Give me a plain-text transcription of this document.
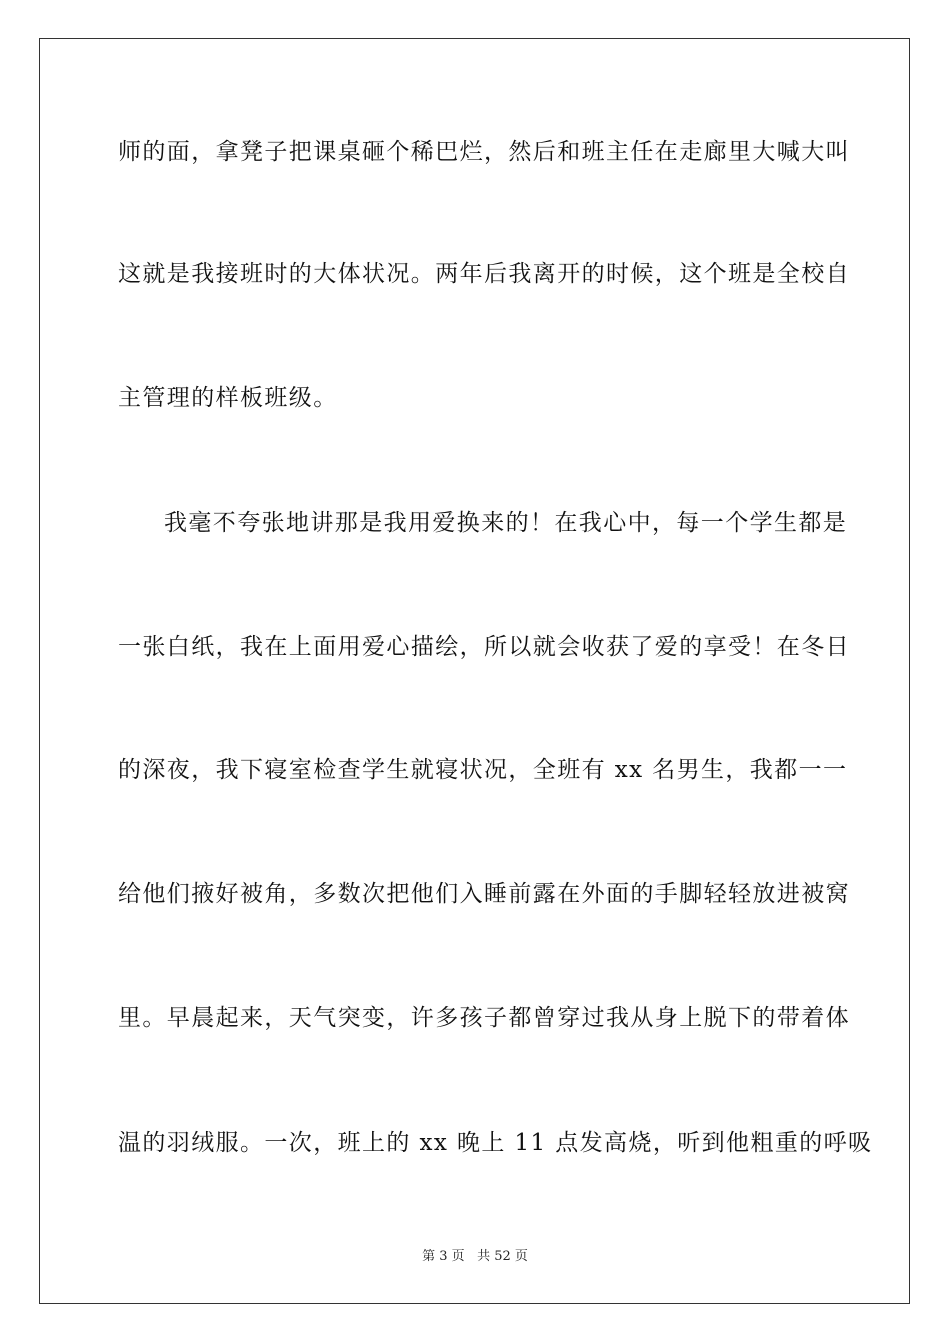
师的面，拿凳子把课桌砸个稀巴烂，然后和班主任在走廊里大喊大叫
这就是我接班时的大体状况。两年后我离开的时候，这个班是全校自
主管理的样板班级。
我毫不夸张地讲那是我用爱换来的！在我心中，每一个学生都是
一张白纸，我在上面用爱心描绘，所以就会收获了爱的享受！在冬日
的深夜，我下寝室检查学生就寝状况，全班有 xx 名男生，我都一一
给他们掖好被角，多数次把他们入睡前露在外面的手脚轻轻放进被窝
里。早晨起来，天气突变，许多孩子都曾穿过我从身上脱下的带着体
温的羽绒服。一次，班上的 xx 晚上 11 点发高烧，听到他粗重的呼吸
第 3 页 共 52 页
